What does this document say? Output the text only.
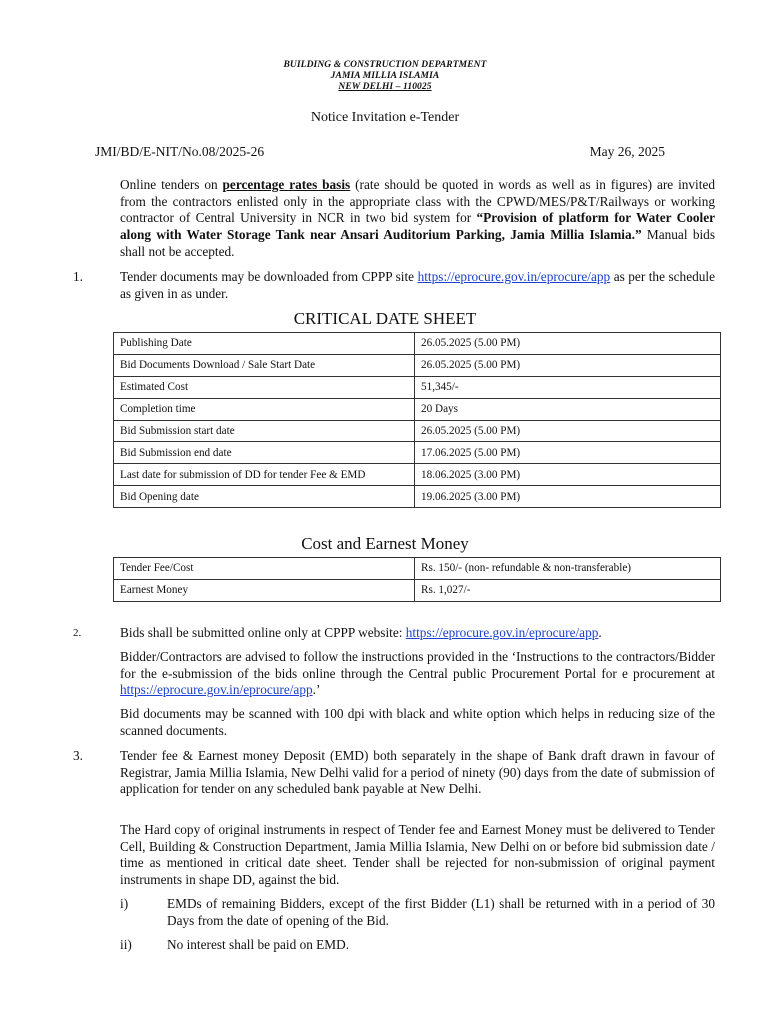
BUILDING & CONSTRUCTION DEPARTMENT
JAMIA MILLIA ISLAMIA
NEW DELHI – 110025
Notice Invitation e-Tender
JMI/BD/E-NIT/No.08/2025-26	May 26, 2025
Online tenders on percentage rates basis (rate should be quoted in words as well as in figures) are invited from the contractors enlisted only in the appropriate class with the CPWD/MES/P&T/Railways or working contractor of Central University in NCR in two bid system for “Provision of platform for Water Cooler along with Water Storage Tank near Ansari Auditorium Parking, Jamia Millia Islamia.” Manual bids shall not be accepted.
1.	Tender documents may be downloaded from CPPP site https://eprocure.gov.in/eprocure/app as per the schedule as given in as under.
CRITICAL DATE SHEET
Publishing Date	26.05.2025 (5.00 PM)
Bid Documents Download / Sale Start Date	26.05.2025 (5.00 PM)
Estimated Cost	51,345/-
Completion time	20 Days
Bid Submission start date	26.05.2025 (5.00 PM)
Bid Submission end date	17.06.2025 (5.00 PM)
Last date for submission of DD for tender Fee & EMD	18.06.2025 (3.00 PM)
Bid Opening date	19.06.2025 (3.00 PM)
Cost and Earnest Money
Tender Fee/Cost	Rs. 150/- (non- refundable & non-transferable)
Earnest Money	Rs. 1,027/-
2.	Bids shall be submitted online only at CPPP website: https://eprocure.gov.in/eprocure/app.
Bidder/Contractors are advised to follow the instructions provided in the ‘Instructions to the contractors/Bidder for the e-submission of the bids online through the Central public Procurement Portal for e procurement at https://eprocure.gov.in/eprocure/app.’
Bid documents may be scanned with 100 dpi with black and white option which helps in reducing size of the scanned documents.
3.	Tender fee & Earnest money Deposit (EMD) both separately in the shape of Bank draft drawn in favour of Registrar, Jamia Millia Islamia, New Delhi valid for a period of ninety (90) days from the date of submission of application for tender on any scheduled bank payable at New Delhi.
The Hard copy of original instruments in respect of Tender fee and Earnest Money must be delivered to Tender Cell, Building & Construction Department, Jamia Millia Islamia, New Delhi on or before bid submission date / time as mentioned in critical date sheet. Tender shall be rejected for non-submission of original payment instruments in shape DD, against the bid.
i)	EMDs of remaining Bidders, except of the first Bidder (L1) shall be returned with in a period of 30 Days from the date of opening of the Bid.
ii)	No interest shall be paid on EMD.
